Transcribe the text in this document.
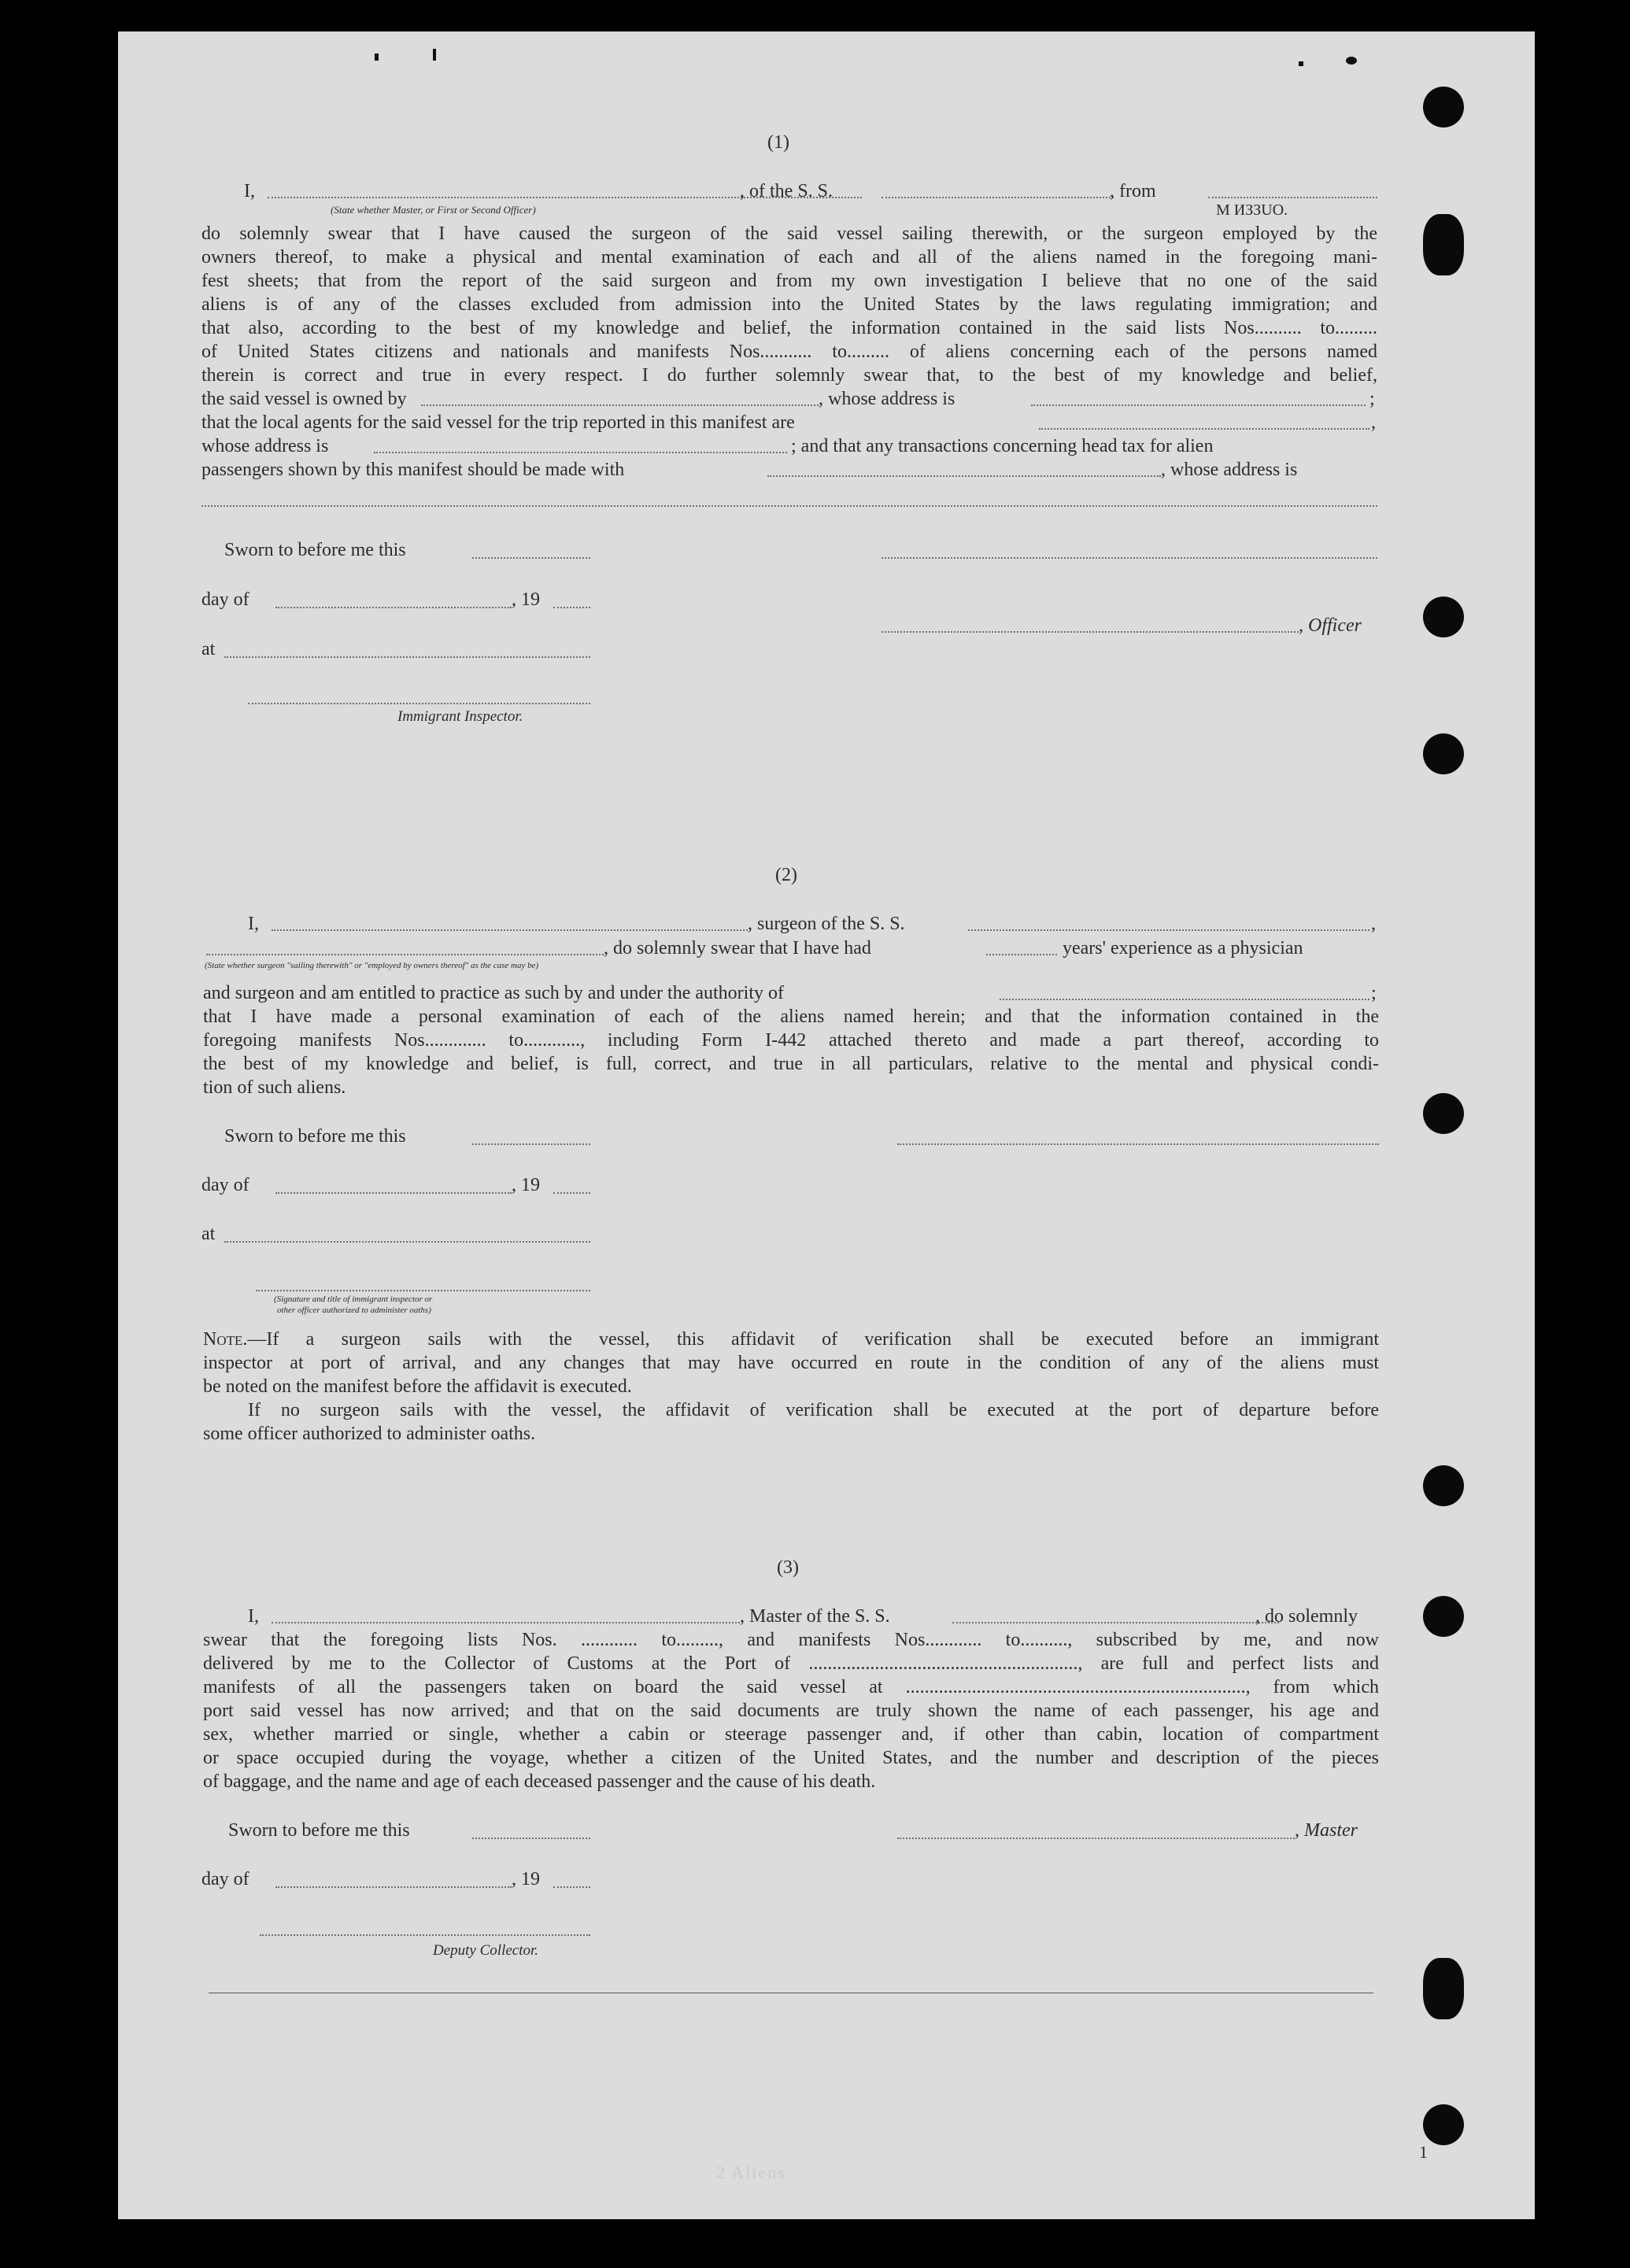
(1)
I,	, of the S. S.	, from
M ИЗЗUO.
(State whether Master, or First or Second Officer)
do solemnly swear that I have caused the surgeon of the said vessel sailing therewith, or the surgeon employed by the
owners thereof, to make a physical and mental examination of each and all of the aliens named in the foregoing mani-
fest sheets; that from the report of the said surgeon and from my own investigation I believe that no one of the said
aliens is of any of the classes excluded from admission into the United States by the laws regulating immigration; and
that also, according to the best of my knowledge and belief, the information contained in the said lists Nos.......... to.........
of United States citizens and nationals and manifests Nos........... to......... of aliens concerning each of the persons named
therein is correct and true in every respect. I do further solemnly swear that, to the best of my knowledge and belief,
the said vessel is owned by	, whose address is	;
that the local agents for the said vessel for the trip reported in this manifest are	,
whose address is	; and that any transactions concerning head tax for alien
passengers shown by this manifest should be made with	, whose address is
Sworn to before me this
day of	, 19
, Officer
at
Immigrant Inspector.
(2)
I,	, surgeon of the S. S.	,
, do solemnly swear that I have had	years' experience as a physician
(State whether surgeon "sailing therewith" or "employed by owners thereof" as the case may be)
and surgeon and am entitled to practice as such by and under the authority of	;
that I have made a personal examination of each of the aliens named herein; and that the information contained in the
foregoing manifests Nos............. to............, including Form I-442 attached thereto and made a part thereof, according to
the best of my knowledge and belief, is full, correct, and true in all particulars, relative to the mental and physical condi-
tion of such aliens.
Sworn to before me this
day of	, 19
at
(Signature and title of immigrant inspector or
other officer authorized to administer oaths)
Note. —If a surgeon sails with the vessel, this affidavit of verification shall be executed before an immigrant
inspector at port of arrival, and any changes that may have occurred en route in the condition of any of the aliens must
be noted on the manifest before the affidavit is executed.
If no surgeon sails with the vessel, the affidavit of verification shall be executed at the port of departure before
some officer authorized to administer oaths.
(3)
I,	, Master of the S. S.	, do solemnly
swear that the foregoing lists Nos. ............ to........., and manifests Nos............ to.........., subscribed by me, and now
delivered by me to the Collector of Customs at the Port of ........................................................., are full and perfect lists and
manifests of all the passengers taken on board the said vessel at ........................................................................, from which
port said vessel has now arrived; and that on the said documents are truly shown the name of each passenger, his age and
sex, whether married or single, whether a cabin or steerage passenger and, if other than cabin, location of compartment
or space occupied during the voyage, whether a citizen of the United States, and the number and description of the pieces
of baggage, and the name and age of each deceased passenger and the cause of his death.
Sworn to before me this	, Master
day of	, 19
Deputy Collector.
2 Aliens
1
